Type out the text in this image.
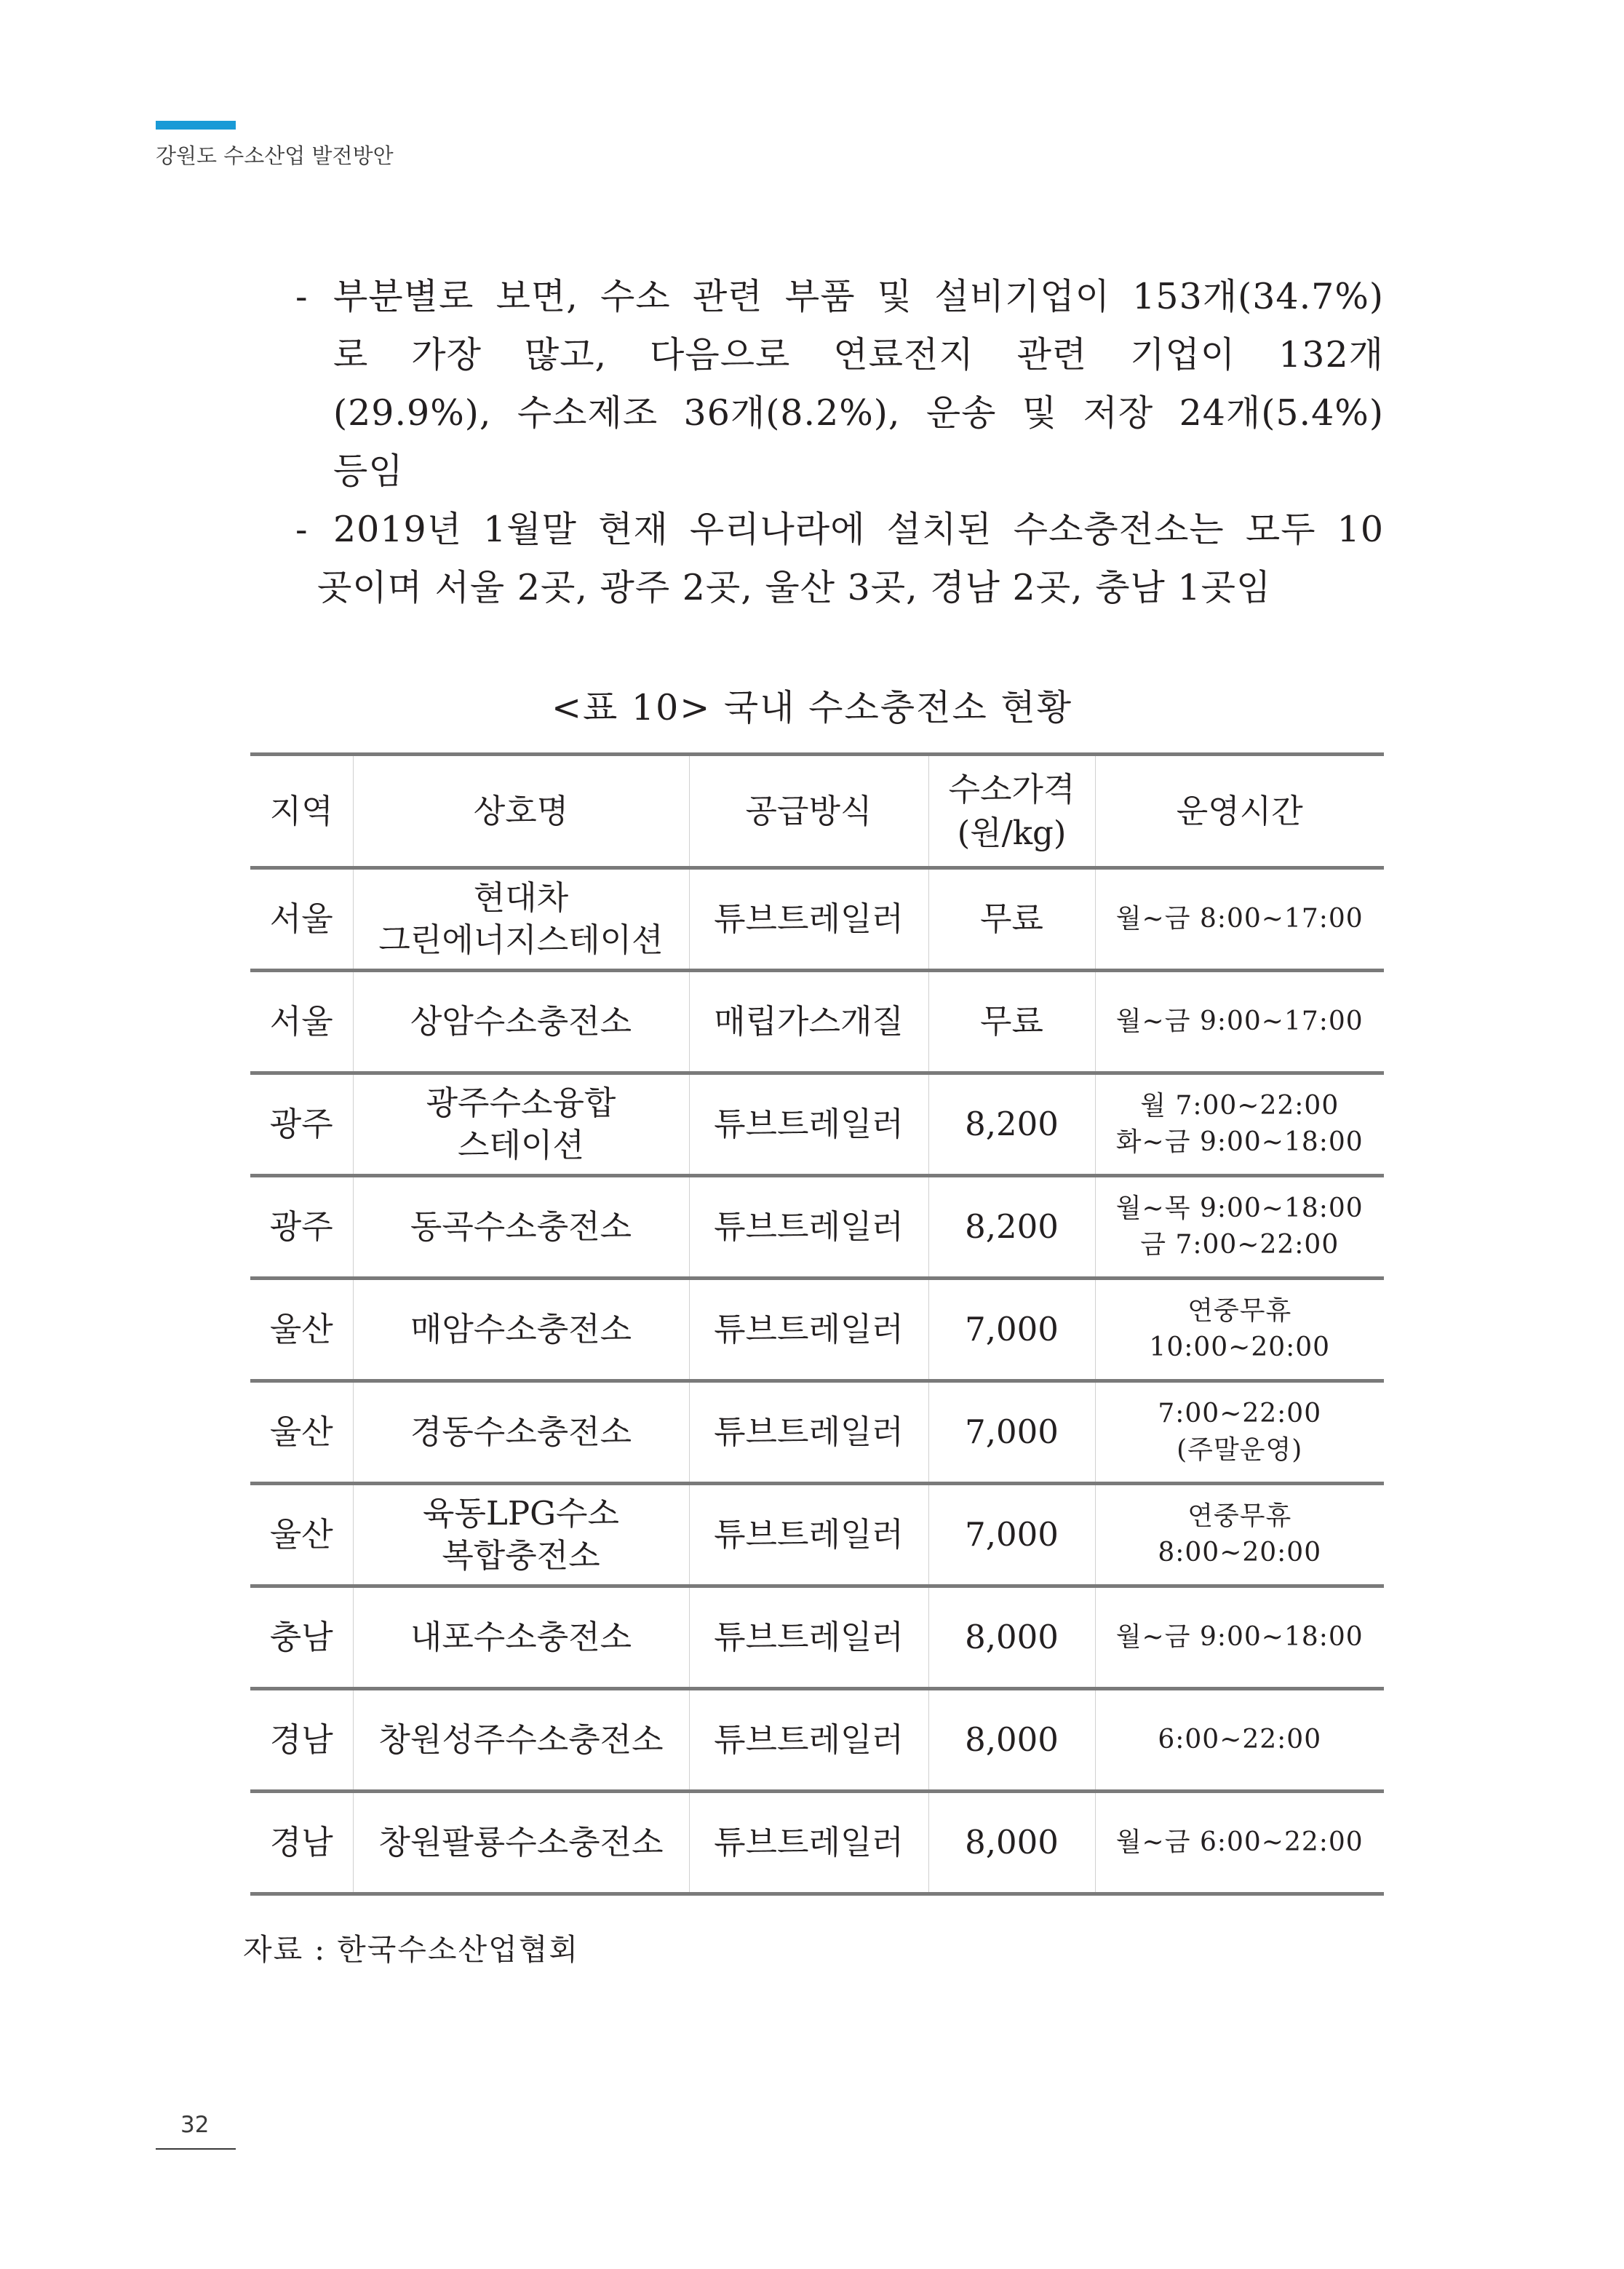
강원도 수소산업 발전방안
- 부분별로 보면, 수소 관련 부품 및 설비기업이 153개(34.7%)
로 가장 많고, 다음으로 연료전지 관련 기업이 132개
(29.9%), 수소제조 36개(8.2%), 운송 및 저장 24개(5.4%)
등임
- 2019년 1월말 현재 우리나라에 설치된 수소충전소는 모두 10
곳이며 서울 2곳, 광주 2곳, 울산 3곳, 경남 2곳, 충남 1곳임
<표 10> 국내 수소충전소 현황
지역	상호명	공급방식	수소가격
(원/kg)	운영시간
서울	현대차
그린에너지스테이션	튜브트레일러	무료	월~금 8:00~17:00

서울	상암수소충전소	매립가스개질	무료	월~금 9:00~17:00

광주	광주수소융합
스테이션	튜브트레일러	8,200	월 7:00~22:00
화~금 9:00~18:00

광주	동곡수소충전소	튜브트레일러	8,200	월~목 9:00~18:00
금 7:00~22:00

울산	매암수소충전소	튜브트레일러	7,000	연중무휴
10:00~20:00

울산	경동수소충전소	튜브트레일러	7,000	7:00~22:00
(주말운영)

울산	육동LPG수소
복합충전소	튜브트레일러	7,000	연중무휴
8:00~20:00

충남	내포수소충전소	튜브트레일러	8,000	월~금 9:00~18:00

경남	창원성주수소충전소	튜브트레일러	8,000	6:00~22:00

경남	창원팔룡수소충전소	튜브트레일러	8,000	월~금 6:00~22:00
자료 : 한국수소산업협회
32
